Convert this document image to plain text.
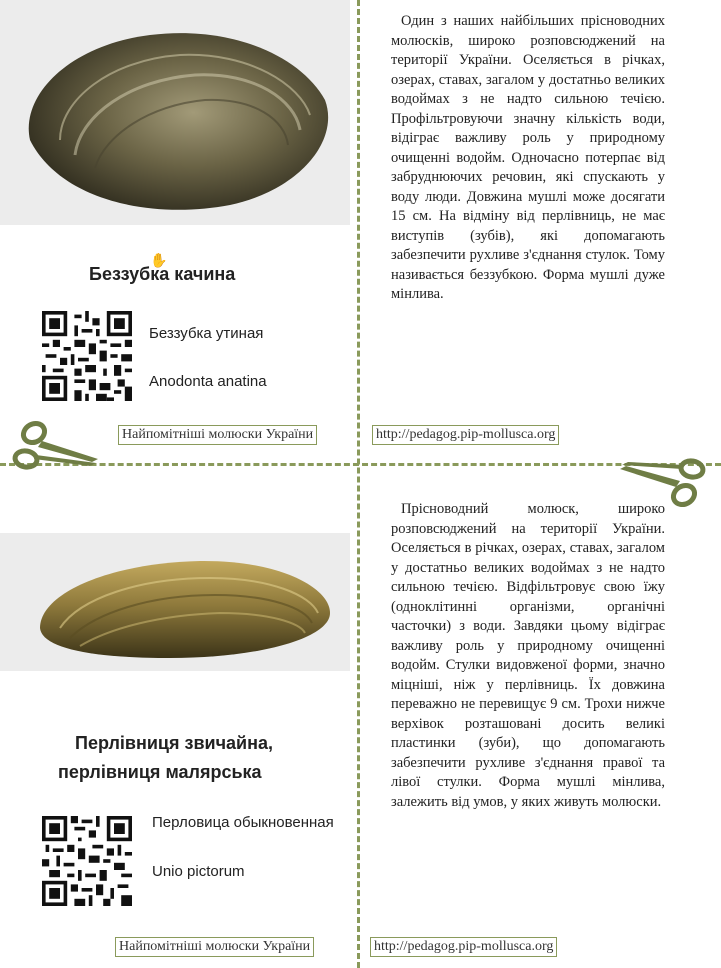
Беззубка качина
✋
Беззубка утиная
Anodonta anatina
Найпомітніші молюски України	http://pedagog.pip-mollusca.org

Один з наших найбільших прісноводних молюсків, широко розповсюджений на території України. Оселяється в річках, озерах, ставах, загалом у достатньо великих водоймах з не надто сильною течією. Профільтровуючи значну кількість води, відіграє важливу роль у природному очищенні водойм. Одночасно потерпає від забруднюючих речовин, які спускають у воду люди. Довжина мушлі може досягати 15 см. На відміну від перлівниць, не має виступів (зубів), які допомагають забезпечити рухливе з'єднання стулок. Тому називається беззубкою. Форма мушлі дуже мінлива.

Перлівниця звичайна,
перлівниця малярська
Перловица обыкновенная
Unio pictorum
Найпомітніші молюски України	http://pedagog.pip-mollusca.org

Прісноводний молюск, широко розповсюджений на території України. Оселяється в річках, озерах, ставах, загалом у достатньо великих водоймах з не надто сильною течією. Відфільтровує свою їжу (одноклітинні організми, органічні часточки) з води. Завдяки цьому відіграє важливу роль у природному очищенні водойм. Стулки видовженої форми, значно міцніші, ніж у перлівниць. Їх довжина переважно не перевищує 9 см. Трохи нижче верхівок розташовані досить великі пластинки (зуби), що допомагають забезпечити рухливе з'єднання правої та лівої стулки. Форма мушлі мінлива, залежить від умов, у яких живуть молюски.
